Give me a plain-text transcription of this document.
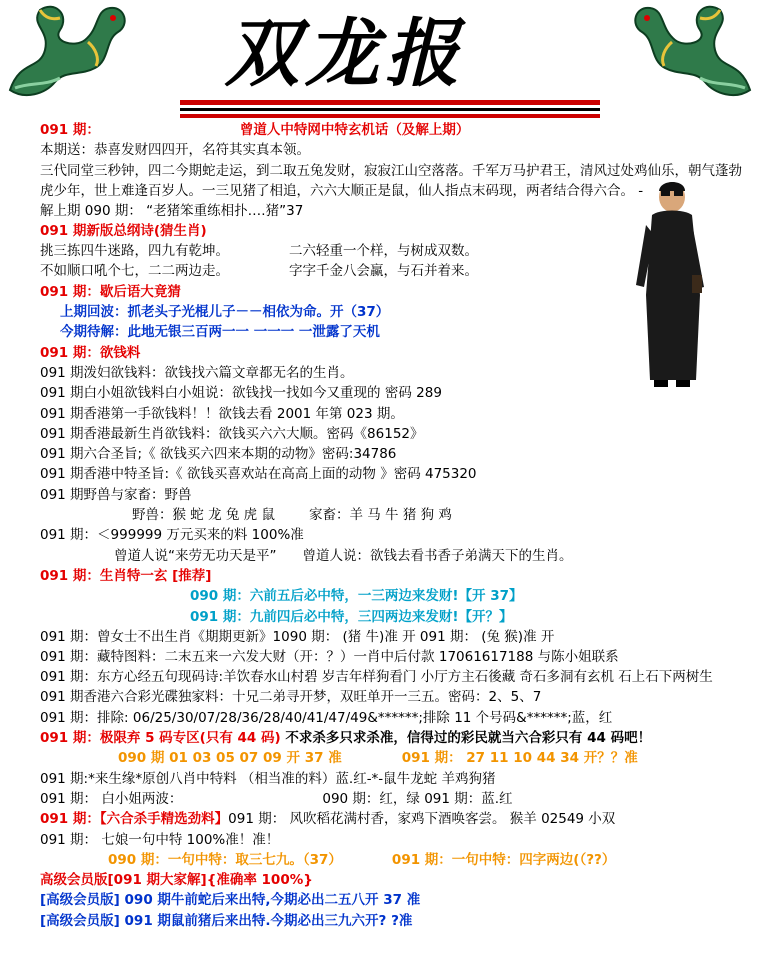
双龙报
091 期：	曾道人中特网中特玄机话（及解上期）
本期送：恭喜发财四四开，名符其实真本领。
三代同堂三秒钟，四二今期蛇走运，到二取五兔发财，寂寂江山空落落。千军万马护君王，清风过处鸡仙乐，朝气蓬勃虎少年，世上难逢百岁人。一三见猪了相追，六六大顺正是鼠，仙人指点末码现，两者结合得六合。 -
解上期 090 期： “老猪笨重练相扑‥‥猪”37
091 期新版总纲诗(猜生肖)
挑三拣四牛迷路，四九有乾坤。	二六轻重一个样，与树成双数。
不如顺口吼个七，二二两边走。	字字千金八会赢，与石并着来。
091 期：歇后语大竟猜
上期回波：抓老头子光棍儿子－－相依为命。开（37）
今期待解：此地无银三百两一一 一一一 一泄露了天机
091 期：欲钱料
091 期泼妇欲钱料：欲钱找六篇文章都无名的生肖。
091 期白小姐欲钱料白小姐说：欲钱找一找如今又重现的 密码 289
091 期香港第一手欲钱料！！欲钱去看 2001 年第 023 期。
091 期香港最新生肖欲钱料：欲钱买六六大顺。密码《86152》
091 期六合圣旨;《 欲钱买六四来本期的动物》密码:34786
091 期香港中特圣旨:《 欲钱买喜欢站在高高上面的动物 》密码 475320
091 期野兽与家畜：野兽
野兽：猴 蛇 龙 兔 虎 鼠	家畜：羊 马 牛 猪 狗 鸡
091 期：＜999999 万元买来的料 100%准
曾道人说“来劳无功天是平” 曾道人说：欲钱去看书香子弟满天下的生肖。
091 期：生肖特一玄 [推荐]
090 期：六前五后必中特，一三两边来发财!【开 37】
091 期：九前四后必中特，三四两边来发财!【开？】
091 期：曾女士不出生肖《期期更新》1090 期： (猪 牛)准 开 091 期： (兔 猴)准 开
091 期：藏特图料：二末五来一六发大财（开：？）一肖中后付款 17061617188 与陈小姐联系
091 期：东方心经五句现码诗:羊饮春水山村碧 岁吉年样狗看门 小厅方主石後藏 奇石多洞有玄机 石上石下两树生
091 期香港六合彩光碟独家料：十兄二弟寻开梦，双旺单开一三五。密码：2、5、7
091 期：排除: 06/25/30/07/28/36/28/40/41/47/49&******;排除 11 个号码&******;蓝，红
091 期：极限弃 5 码专区(只有 44 码) 不求杀多只求杀准，信得过的彩民就当六合彩只有 44 码吧！
090 期 01 03 05 07 09 开 37 准	091 期： 27 11 10 44 34 开？？准
091 期:*来生缘*原创八肖中特料 （相当准的料）蓝.红-*-鼠牛龙蛇 羊鸡狗猪
091 期： 白小姐两波：	090 期：红，绿 091 期：蓝.红
091 期：【六合杀手精选劲料】091 期： 风吹稻花满村香，家鸡下酒唤客尝。 猴羊 02549 小双
091 期： 七娘一句中特 100%准！准！
090 期：一句中特：取三七九。（37）	091 期：一句中特：四字两边(（??）
高级会员版[091 期大家解]{准确率 100%}
[高级会员版] 090 期牛前蛇后来出特,今期必出二五八开 37 准
[高级会员版] 091 期鼠前猪后来出特.今期必出三九六开? ?准
